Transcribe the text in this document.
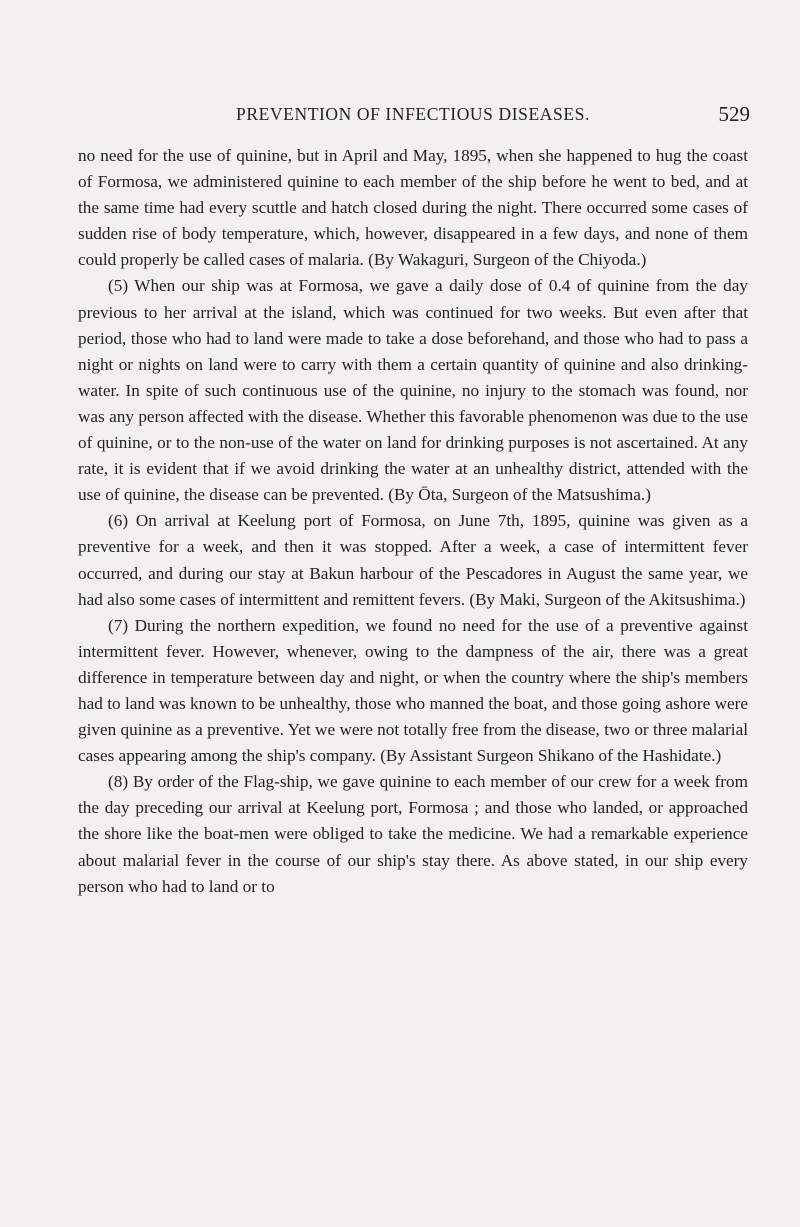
PREVENTION OF INFECTIOUS DISEASES.	529

no need for the use of quinine, but in April and May, 1895, when she happened to hug the coast of Formosa, we administered quinine to each member of the ship before he went to bed, and at the same time had every scuttle and hatch closed during the night. There occurred some cases of sudden rise of body temperature, which, however, disappeared in a few days, and none of them could properly be called cases of malaria. (By Wakaguri, Surgeon of the Chiyoda.)

(5) When our ship was at Formosa, we gave a daily dose of 0.4 of quinine from the day previous to her arrival at the island, which was continued for two weeks. But even after that period, those who had to land were made to take a dose beforehand, and those who had to pass a night or nights on land were to carry with them a certain quantity of quinine and also drinking-water. In spite of such continuous use of the quinine, no injury to the stomach was found, nor was any person affected with the disease. Whether this favorable phenomenon was due to the use of quinine, or to the non-use of the water on land for drinking purposes is not ascertained. At any rate, it is evident that if we avoid drinking the water at an unhealthy district, attended with the use of quinine, the disease can be prevented. (By Ōta, Surgeon of the Matsushima.)

(6) On arrival at Keelung port of Formosa, on June 7th, 1895, quinine was given as a preventive for a week, and then it was stopped. After a week, a case of intermittent fever occurred, and during our stay at Bakun harbour of the Pescadores in August the same year, we had also some cases of intermittent and remittent fevers. (By Maki, Surgeon of the Akitsushima.)

(7) During the northern expedition, we found no need for the use of a preventive against intermittent fever. However, whenever, owing to the dampness of the air, there was a great difference in temperature between day and night, or when the country where the ship's members had to land was known to be unhealthy, those who manned the boat, and those going ashore were given quinine as a preventive. Yet we were not totally free from the disease, two or three malarial cases appearing among the ship's company. (By Assistant Surgeon Shikano of the Hashidate.)

(8) By order of the Flag-ship, we gave quinine to each member of our crew for a week from the day preceding our arrival at Keelung port, Formosa ; and those who landed, or approached the shore like the boat-men were obliged to take the medicine. We had a remarkable experience about malarial fever in the course of our ship's stay there. As above stated, in our ship every person who had to land or to
